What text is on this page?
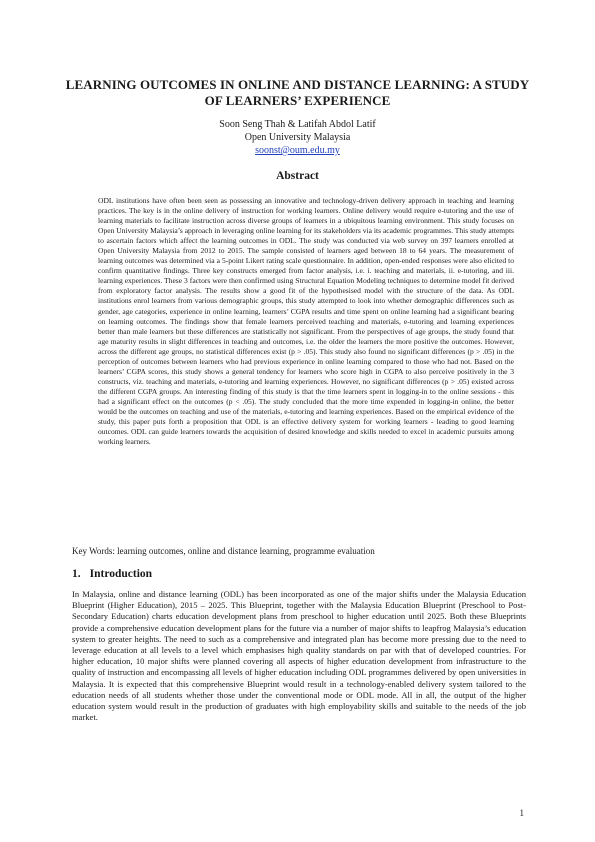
LEARNING OUTCOMES IN ONLINE AND DISTANCE LEARNING: A STUDY OF LEARNERS’ EXPERIENCE
Soon Seng Thah & Latifah Abdol Latif
Open University Malaysia
soonst@oum.edu.my
Abstract

ODL institutions have often been seen as possessing an innovative and technology-driven delivery approach in teaching and learning practices. The key is in the online delivery of instruction for working learners. Online delivery would require e-tutoring and the use of learning materials to facilitate instruction across diverse groups of learners in a ubiquitous learning environment. This study focuses on Open University Malaysia’s approach in leveraging online learning for its stakeholders via its academic programmes. This study attempts to ascertain factors which affect the learning outcomes in ODL. The study was conducted via web survey on 397 learners enrolled at Open University Malaysia from 2012 to 2015. The sample consisted of learners aged between 18 to 64 years. The measurement of learning outcomes was determined via a 5-point Likert rating scale questionnaire. In addition, open-ended responses were also elicited to confirm quantitative findings. Three key constructs emerged from factor analysis, i.e. i. teaching and materials, ii. e-tutoring, and iii. learning experiences. These 3 factors were then confirmed using Structural Equation Modeling techniques to determine model fit derived from exploratory factor analysis. The results show a good fit of the hypothesised model with the structure of the data. As ODL institutions enrol learners from various demographic groups, this study attempted to look into whether demographic differences such as gender, age categories, experience in online learning, learners’ CGPA results and time spent on online learning had a significant bearing on learning outcomes. The findings show that female learners perceived teaching and materials, e-tutoring and learning experiences better than male learners but these differences are statistically not significant. From the perspectives of age groups, the study found that age maturity results in slight differences in teaching and outcomes, i.e. the older the learners the more positive the outcomes. However, across the different age groups, no statistical differences exist (p > .05). This study also found no significant differences (p > .05) in the perception of outcomes between learners who had previous experience in online learning compared to those who had not. Based on the learners’ CGPA scores, this study shows a general tendency for learners who score high in CGPA to also perceive positively in the 3 constructs, viz. teaching and materials, e-tutoring and learning experiences. However, no significant differences (p > .05) existed across the different CGPA groups. An interesting finding of this study is that the time learners spent in logging-in to the online sessions - this had a significant effect on the outcomes (p < .05). The study concluded that the more time expended in logging-in online, the better would be the outcomes on teaching and use of the materials, e-tutoring and learning experiences. Based on the empirical evidence of the study, this paper puts forth a proposition that ODL is an effective delivery system for working learners - leading to good learning outcomes. ODL can guide learners towards the acquisition of desired knowledge and skills needed to excel in academic pursuits among working learners.

Key Words: learning outcomes, online and distance learning, programme evaluation

1. Introduction

In Malaysia, online and distance learning (ODL) has been incorporated as one of the major shifts under the Malaysia Education Blueprint (Higher Education), 2015 – 2025. This Blueprint, together with the Malaysia Education Blueprint (Preschool to Post-Secondary Education) charts education development plans from preschool to higher education until 2025. Both these Blueprints provide a comprehensive education development plans for the future via a number of major shifts to leapfrog Malaysia’s education system to greater heights. The need to such as a comprehensive and integrated plan has become more pressing due to the need to leverage education at all levels to a level which emphasises high quality standards on par with that of developed countries. For higher education, 10 major shifts were planned covering all aspects of higher education development from infrastructure to the quality of instruction and encompassing all levels of higher education including ODL programmes delivered by open universities in Malaysia. It is expected that this comprehensive Blueprint would result in a technology-enabled delivery system tailored to the education needs of all students whether those under the conventional mode or ODL mode. All in all, the output of the higher education system would result in the production of graduates with high employability skills and suitable to the needs of the job market.

1
